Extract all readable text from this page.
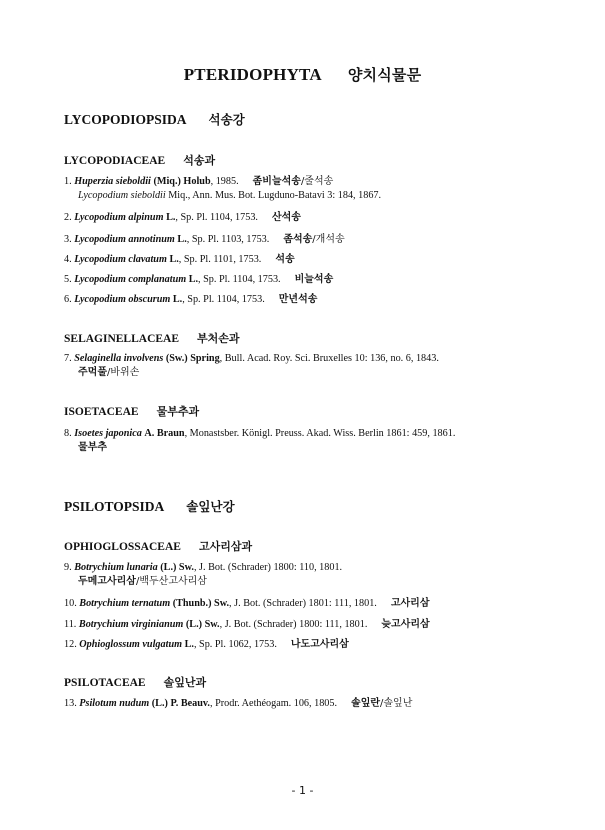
PTERIDOPHYTA 양치식물문
LYCOPODIOPSIDA 석송강
LYCOPODIACEAE 석송과
1. Huperzia sieboldii (Miq.) Holub, 1985. 좀비늘석송/줄석송
Lycopodium sieboldii Miq., Ann. Mus. Bot. Lugduno-Batavi 3: 184, 1867.
2. Lycopodium alpinum L., Sp. Pl. 1104, 1753. 산석송
3. Lycopodium annotinum L., Sp. Pl. 1103, 1753. 좀석송/개석송
4. Lycopodium clavatum L., Sp. Pl. 1101, 1753. 석송
5. Lycopodium complanatum L., Sp. Pl. 1104, 1753. 비늘석송
6. Lycopodium obscurum L., Sp. Pl. 1104, 1753. 만년석송
SELAGINELLACEAE 부처손과
7. Selaginella involvens (Sw.) Spring, Bull. Acad. Roy. Sci. Bruxelles 10: 136, no. 6, 1843.
주먹풀/바위손
ISOETACEAE 물부추과
8. Isoetes japonica A. Braun, Monastsber. Königl. Preuss. Akad. Wiss. Berlin 1861: 459, 1861.
물부추
PSILOTOPSIDA 솔잎난강
OPHIOGLOSSACEAE 고사리삼과
9. Botrychium lunaria (L.) Sw., J. Bot. (Schrader) 1800: 110, 1801.
두메고사리삼/백두산고사리삼
10. Botrychium ternatum (Thunb.) Sw., J. Bot. (Schrader) 1801: 111, 1801. 고사리삼
11. Botrychium virginianum (L.) Sw., J. Bot. (Schrader) 1800: 111, 1801. 늦고사리삼
12. Ophioglossum vulgatum L., Sp. Pl. 1062, 1753. 나도고사리삼
PSILOTACEAE 솔잎난과
13. Psilotum nudum (L.) P. Beauv., Prodr. Aethéogam. 106, 1805. 솔잎란/솔잎난
- 1 -
